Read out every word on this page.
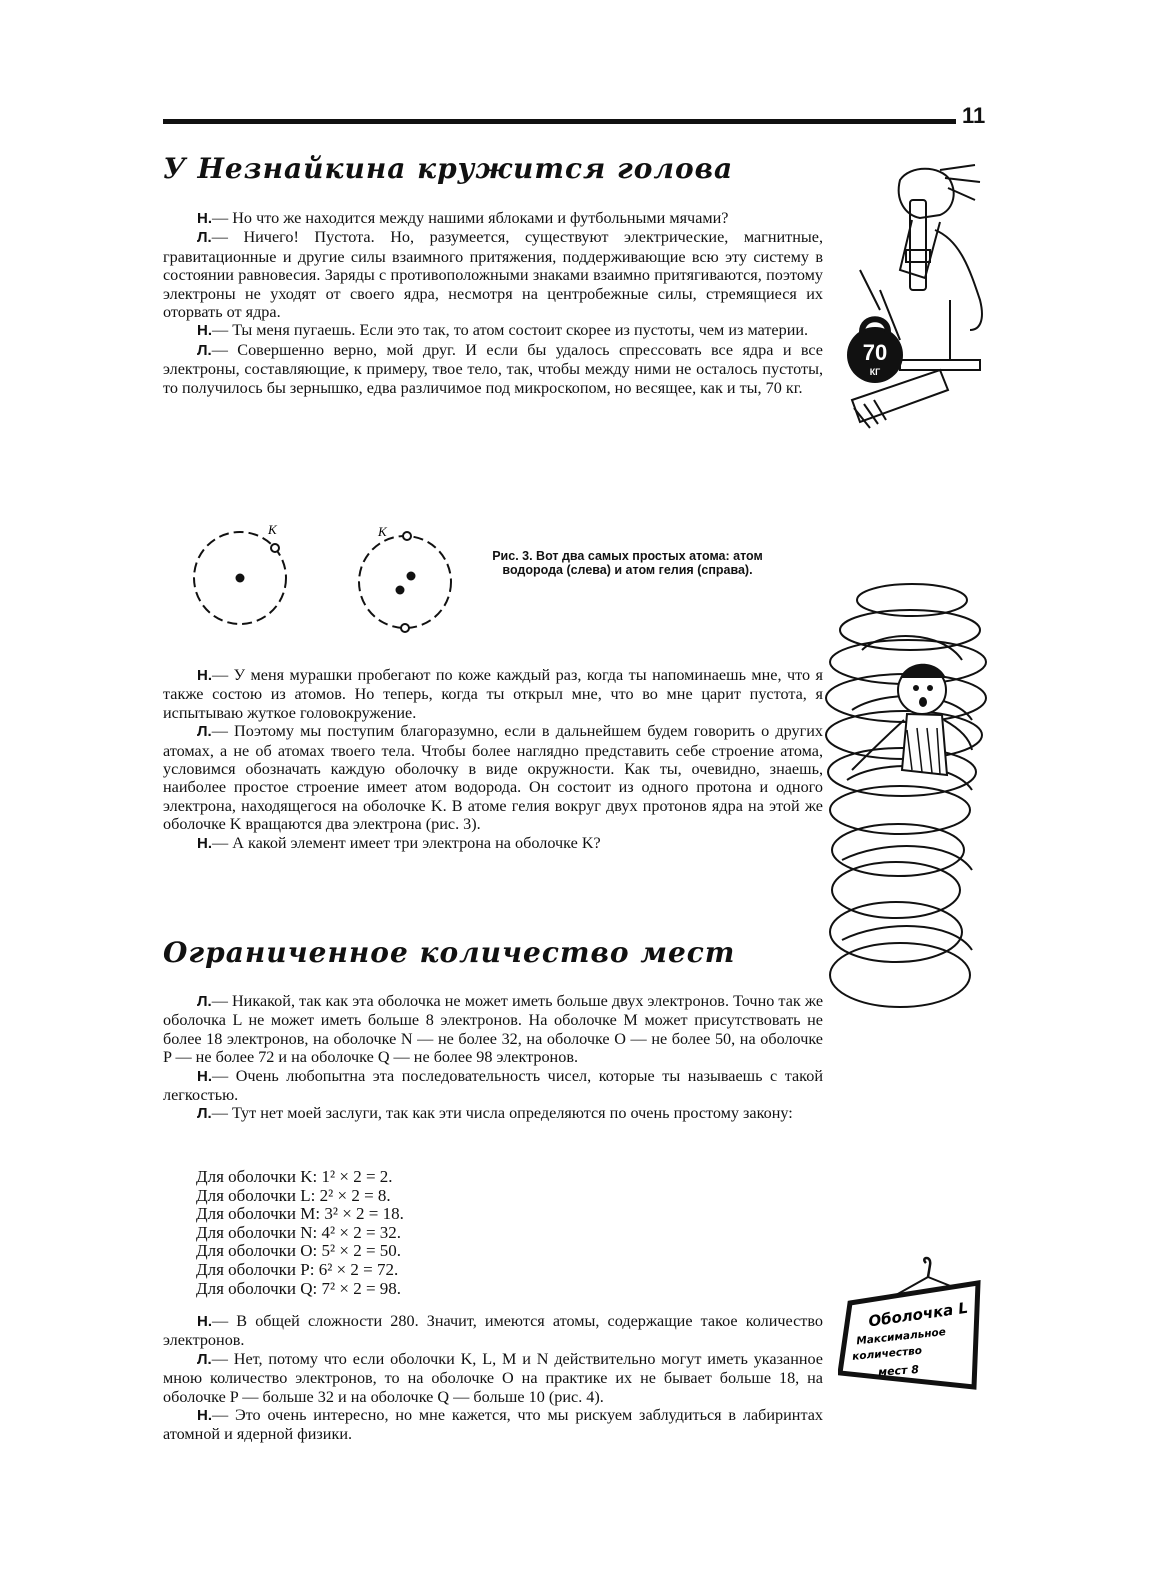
11
У Незнайкина кружится голова

Н.— Но что же находится между нашими яблоками и футбольными мячами?

Л.— Ничего! Пустота. Но, разумеется, существуют электрические, магнитные, гравитационные и другие силы взаимного притяжения, поддерживающие всю эту систему в состоянии равновесия. Заряды с противоположными знаками взаимно притягиваются, поэтому электроны не уходят от своего ядра, несмотря на центробежные силы, стремящиеся их оторвать от ядра.

Н.— Ты меня пугаешь. Если это так, то атом состоит скорее из пустоты, чем из материи.

Л.— Совершенно верно, мой друг. И если бы удалось спрессовать все ядра и все электроны, составляющие, к примеру, твое тело, так, чтобы между ними не осталось пустоты, то получилось бы зернышко, едва различимое под микроскопом, но весящее, как и ты, 70 кг.

70
КГ
K	K
Рис. 3. Вот два самых простых атома: атом водорода (слева) и атом гелия (справа).

Н.— У меня мурашки пробегают по коже каждый раз, когда ты напоминаешь мне, что я также состою из атомов. Но теперь, когда ты открыл мне, что во мне царит пустота, я испытываю жуткое головокружение.

Л.— Поэтому мы поступим благоразумно, если в дальнейшем будем говорить о других атомах, а не об атомах твоего тела. Чтобы более наглядно представить себе строение атома, условимся обозначать каждую оболочку в виде окружности. Как ты, очевидно, знаешь, наиболее простое строение имеет атом водорода. Он состоит из одного протона и одного электрона, находящегося на оболочке K. В атоме гелия вокруг двух протонов ядра на этой же оболочке K вращаются два электрона (рис. 3).

Н.— А какой элемент имеет три электрона на оболочке K?

Ограниченное количество мест

Л.— Никакой, так как эта оболочка не может иметь больше двух электронов. Точно так же оболочка L не может иметь больше 8 электронов. На оболочке M может присутствовать не более 18 электронов, на оболочке N — не более 32, на оболочке O — не более 50, на оболочке P — не более 72 и на оболочке Q — не более 98 электронов.

Н.— Очень любопытна эта последовательность чисел, которые ты называешь с такой легкостью.

Л.— Тут нет моей заслуги, так как эти числа определяются по очень простому закону:

Для оболочки K: 1² × 2 = 2.
Для оболочки L: 2² × 2 = 8.
Для оболочки M: 3² × 2 = 18.
Для оболочки N: 4² × 2 = 32.
Для оболочки O: 5² × 2 = 50.
Для оболочки P: 6² × 2 = 72.
Для оболочки Q: 7² × 2 = 98.

Н.— В общей сложности 280. Значит, имеются атомы, содержащие такое количество электронов.

Л.— Нет, потому что если оболочки K, L, M и N действительно могут иметь указанное мною количество электронов, то на оболочке O на практике их не бывает больше 18, на оболочке P — больше 32 и на оболочке Q — больше 10 (рис. 4).

Н.— Это очень интересно, но мне кажется, что мы рискуем заблудиться в лабиринтах атомной и ядерной физики.

Оболочка L
Максимальное
количество
мест 8
